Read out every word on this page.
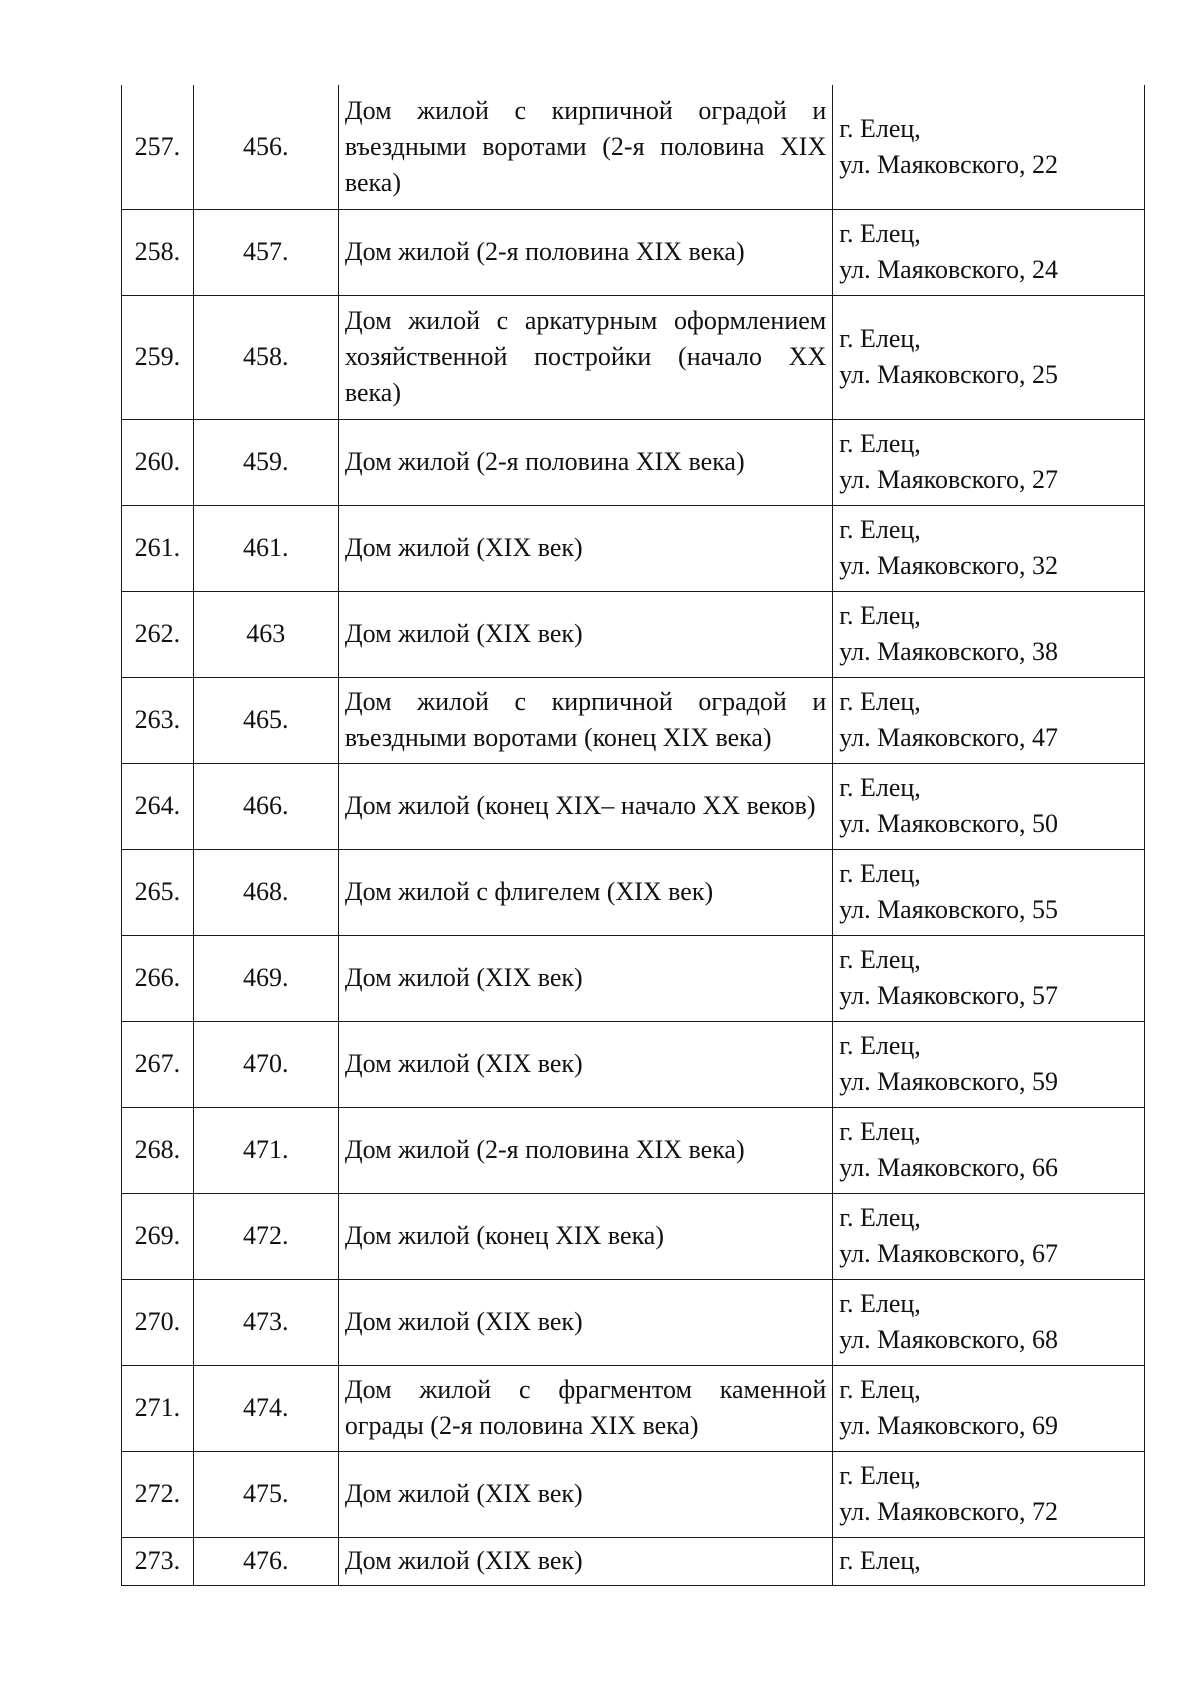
257.	456.	Дом жилой с кирпичной оградой и въездными воротами (2-я половина XIX века)	г. Елец,
ул. Маяковского, 22

258.	457.	Дом жилой (2-я половина XIX века)	г. Елец,
ул. Маяковского, 24

259.	458.	Дом жилой с аркатурным оформлением хозяйственной постройки (начало XX века)	г. Елец,
ул. Маяковского, 25

260.	459.	Дом жилой (2-я половина XIX века)	г. Елец,
ул. Маяковского, 27

261.	461.	Дом жилой (XIX век)	г. Елец,
ул. Маяковского, 32

262.	463	Дом жилой (XIX век)	г. Елец,
ул. Маяковского, 38

263.	465.	Дом жилой с кирпичной оградой и въездными воротами (конец XIX века)	г. Елец,
ул. Маяковского, 47

264.	466.	Дом жилой (конец XIX– начало XX веков)	г. Елец,
ул. Маяковского, 50

265.	468.	Дом жилой с флигелем (XIX век)	г. Елец,
ул. Маяковского, 55

266.	469.	Дом жилой (XIX век)	г. Елец,
ул. Маяковского, 57

267.	470.	Дом жилой (XIX век)	г. Елец,
ул. Маяковского, 59

268.	471.	Дом жилой (2-я половина XIX века)	г. Елец,
ул. Маяковского, 66

269.	472.	Дом жилой (конец XIX века)	г. Елец,
ул. Маяковского, 67

270.	473.	Дом жилой (XIX век)	г. Елец,
ул. Маяковского, 68

271.	474.	Дом жилой с фрагментом каменной ограды (2-я половина XIX века)	г. Елец,
ул. Маяковского, 69

272.	475.	Дом жилой (XIX век)	г. Елец,
ул. Маяковского, 72

273.	476.	Дом жилой (XIX век)	г. Елец,
